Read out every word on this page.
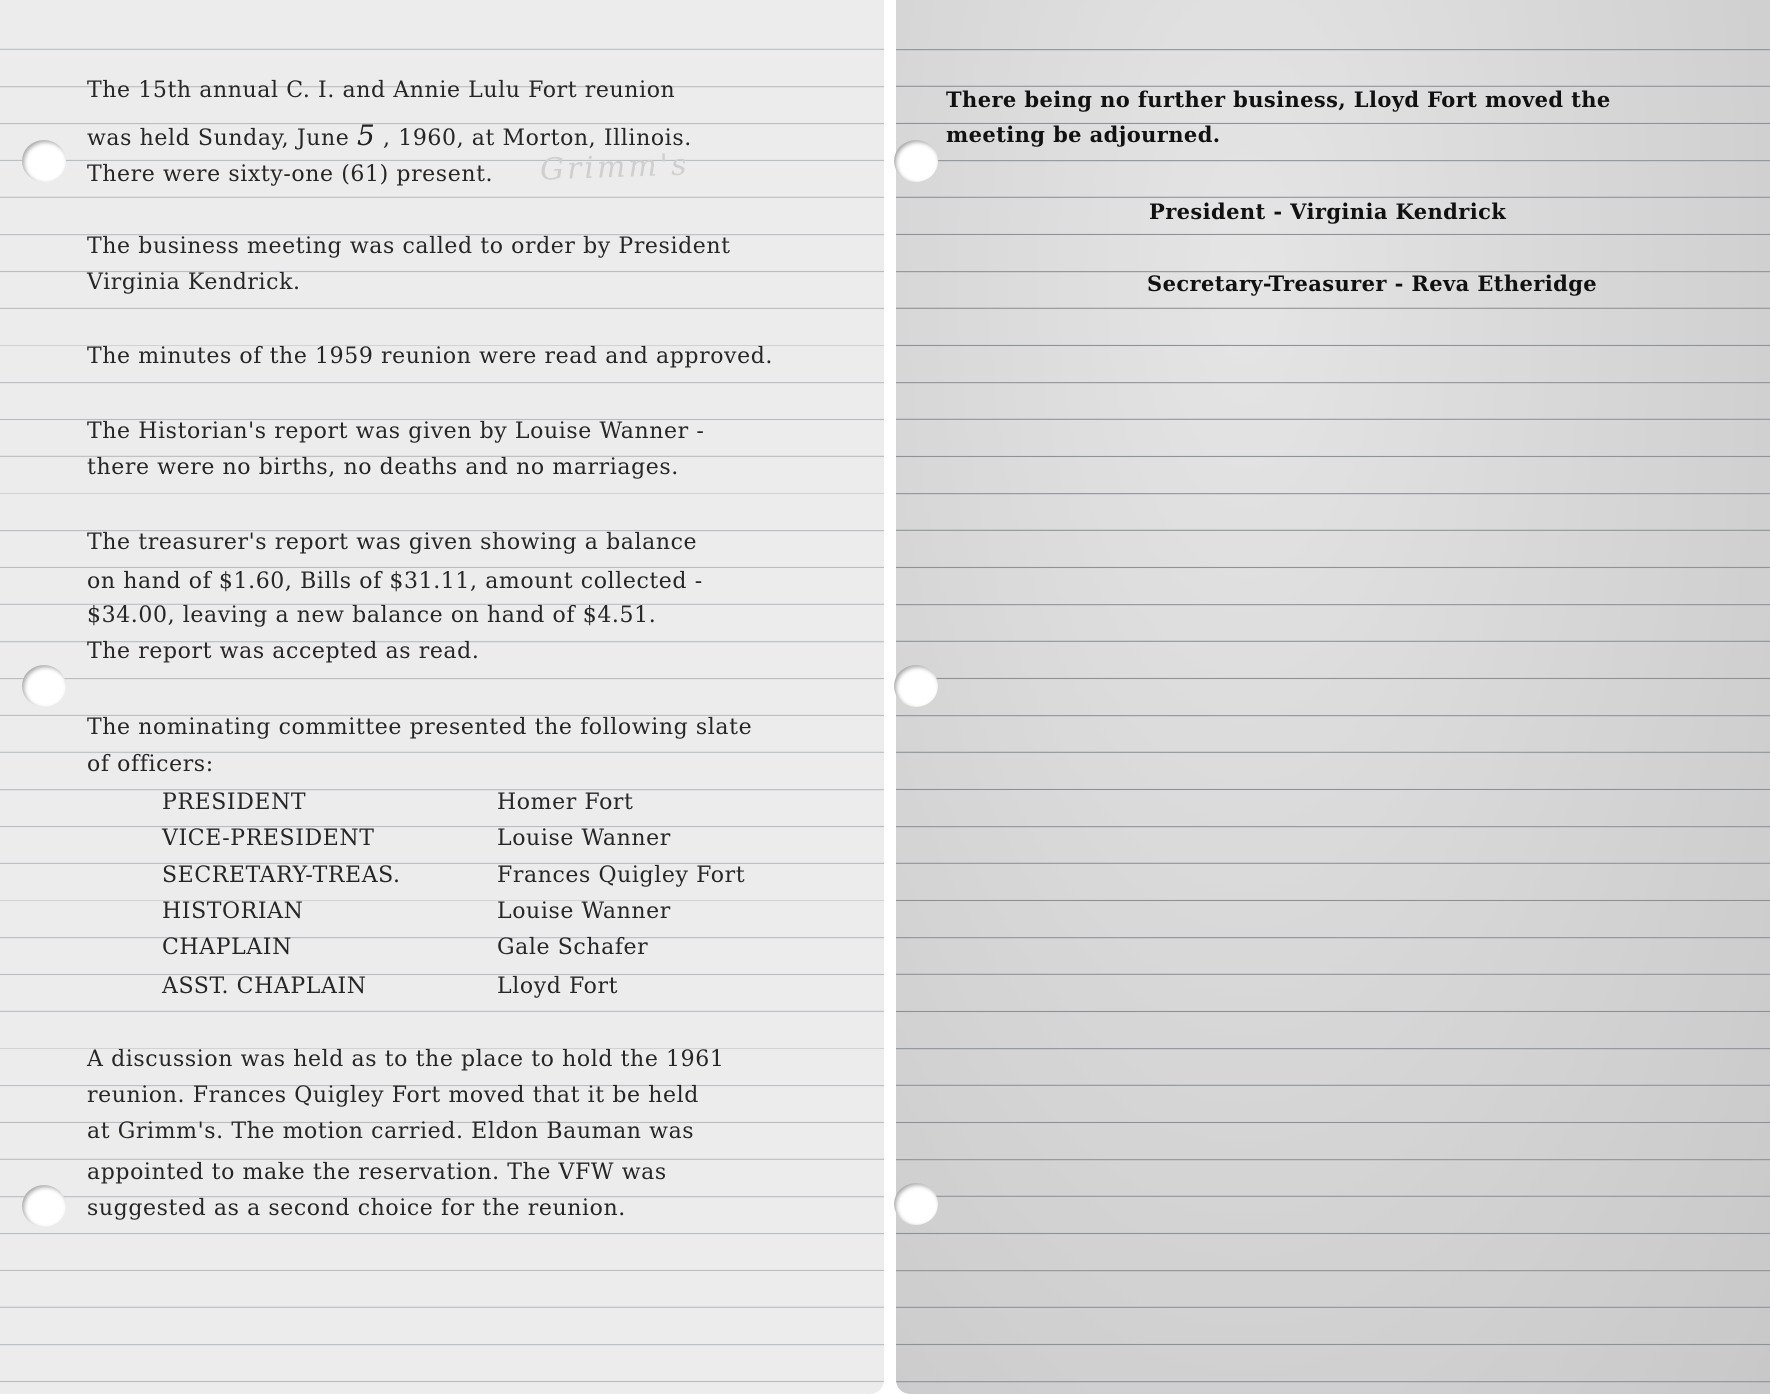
Grimm's

The 15th annual C. I. and Annie Lulu Fort reunion

was held Sunday, June 5 , 1960, at Morton, Illinois.

There were sixty-one (61) present.

The business meeting was called to order by President

Virginia Kendrick.

The minutes of the 1959 reunion were read and approved.

The Historian's report was given by Louise Wanner -

there were no births, no deaths and no marriages.

The treasurer's report was given showing a balance

on hand of $1.60, Bills of $31.11, amount collected -

$34.00, leaving a new balance on hand of $4.51.

The report was accepted as read.

The nominating committee presented the following slate

of officers:

PRESIDENT	Homer Fort

VICE-PRESIDENT	Louise Wanner

SECRETARY-TREAS.	Frances Quigley Fort

HISTORIAN	Louise Wanner

CHAPLAIN	Gale Schafer

ASST. CHAPLAIN	Lloyd Fort

A discussion was held as to the place to hold the 1961

reunion. Frances Quigley Fort moved that it be held

at Grimm's. The motion carried. Eldon Bauman was

appointed to make the reservation. The VFW was

suggested as a second choice for the reunion.

There being no further business, Lloyd Fort moved the

meeting be adjourned.

President - Virginia Kendrick

Secretary-Treasurer - Reva Etheridge
